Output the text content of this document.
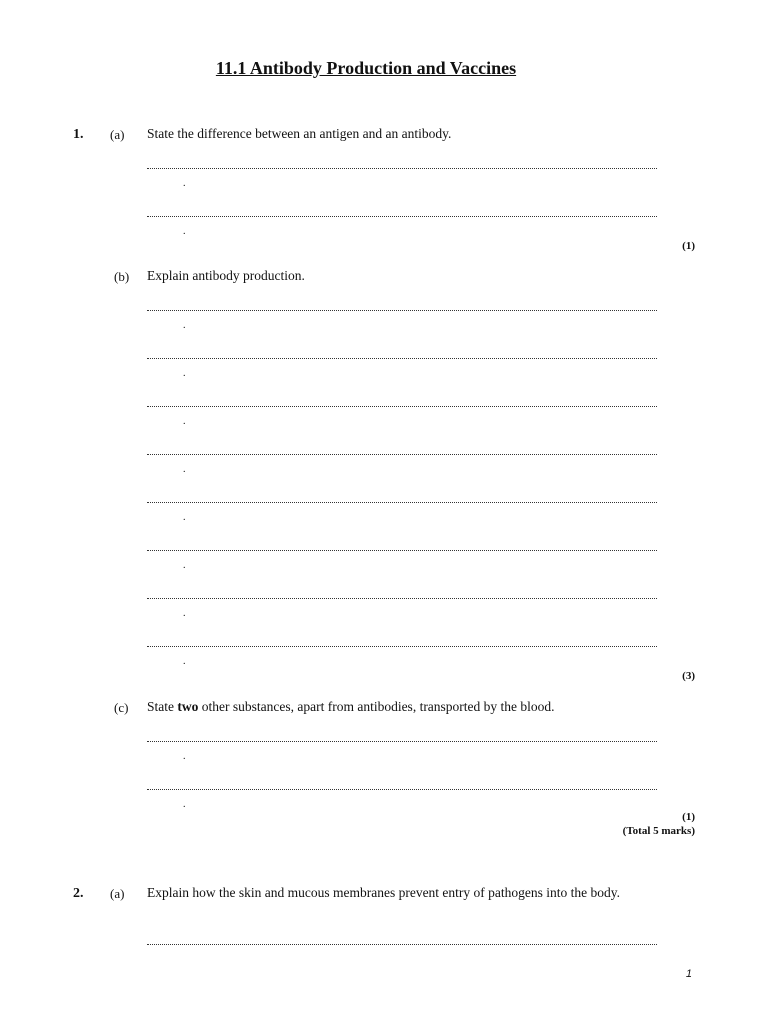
11.1 Antibody Production and Vaccines
1. (a) State the difference between an antigen and an antibody.
.
.
(1)
(b) Explain antibody production.
.
.
.
.
.
.
.
.
(3)
(c) State two other substances, apart from antibodies, transported by the blood.
.
.
(1)
(Total 5 marks)
2. (a) Explain how the skin and mucous membranes prevent entry of pathogens into the body.
1
